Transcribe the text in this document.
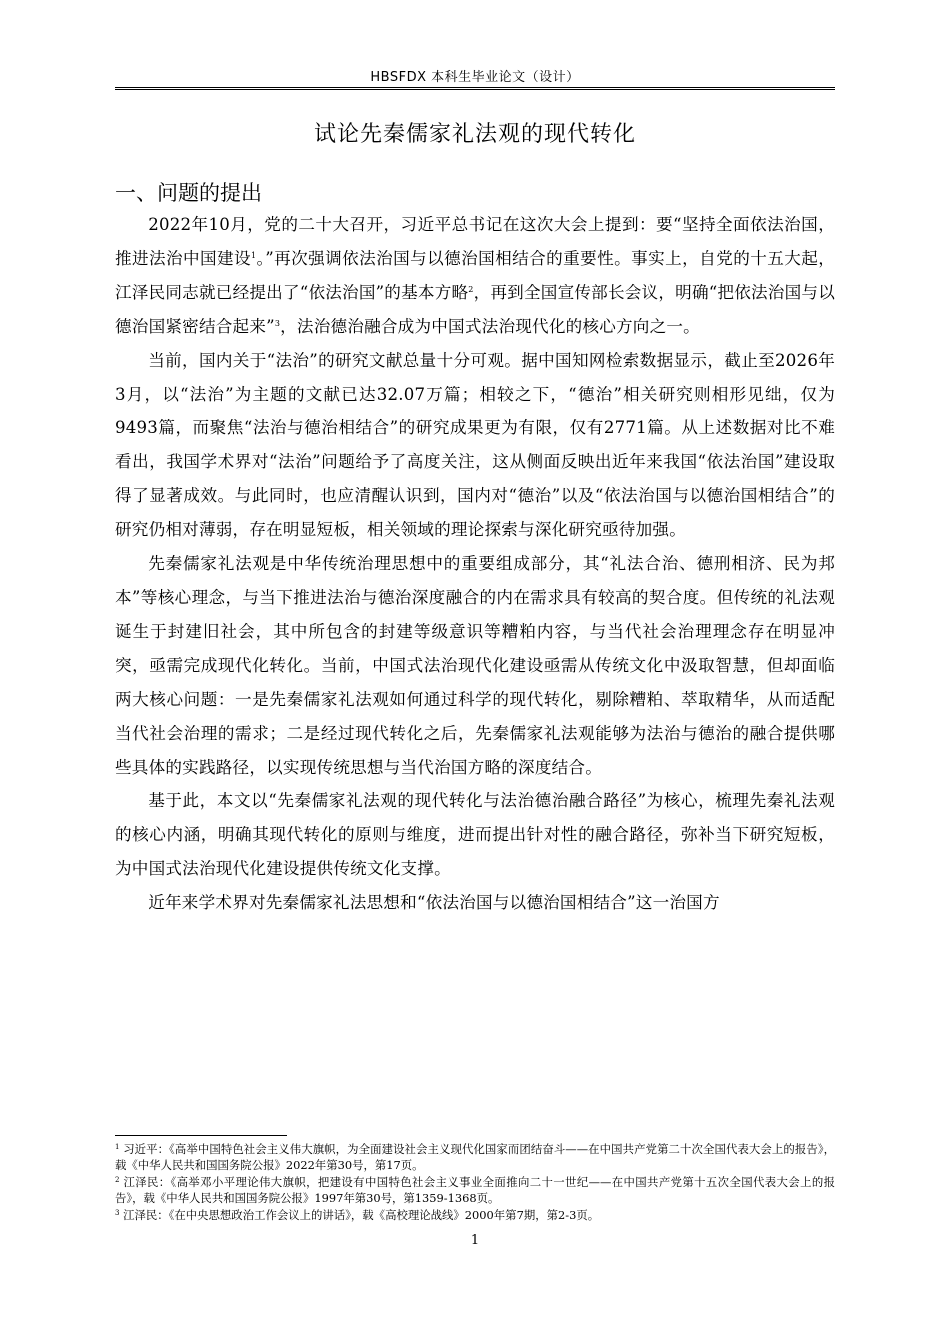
HBSFDX 本科生毕业论文（设计）
试论先秦儒家礼法观的现代转化
一、问题的提出

2022年10月，党的二十大召开，习近平总书记在这次大会上提到：要“坚持全面依法治国，推进法治中国建设$^1$。”再次强调依法治国与以德治国相结合的重要性。事实上，自党的十五大起，江泽民同志就已经提出了“依法治国”的基本方略$^2$，再到全国宣传部长会议，明确“把依法治国与以德治国紧密结合起来”$^3$，法治德治融合成为中国式法治现代化的核心方向之一。

当前，国内关于“法治”的研究文献总量十分可观。据中国知网检索数据显示，截止至2026年3月，以“法治”为主题的文献已达32.07万篇；相较之下，“德治”相关研究则相形见绌，仅为9493篇，而聚焦“法治与德治相结合”的研究成果更为有限，仅有2771篇。从上述数据对比不难看出，我国学术界对“法治”问题给予了高度关注，这从侧面反映出近年来我国“依法治国”建设取得了显著成效。与此同时，也应清醒认识到，国内对“德治”以及“依法治国与以德治国相结合”的研究仍相对薄弱，存在明显短板，相关领域的理论探索与深化研究亟待加强。

先秦儒家礼法观是中华传统治理思想中的重要组成部分，其“礼法合治、德刑相济、民为邦本”等核心理念，与当下推进法治与德治深度融合的内在需求具有较高的契合度。但传统的礼法观诞生于封建旧社会，其中所包含的封建等级意识等糟粕内容，与当代社会治理理念存在明显冲突，亟需完成现代化转化。当前，中国式法治现代化建设亟需从传统文化中汲取智慧，但却面临两大核心问题：一是先秦儒家礼法观如何通过科学的现代转化，剔除糟粕、萃取精华，从而适配当代社会治理的需求；二是经过现代转化之后，先秦儒家礼法观能够为法治与德治的融合提供哪些具体的实践路径，以实现传统思想与当代治国方略的深度结合。

基于此，本文以“先秦儒家礼法观的现代转化与法治德治融合路径”为核心，梳理先秦礼法观的核心内涵，明确其现代转化的原则与维度，进而提出针对性的融合路径，弥补当下研究短板，为中国式法治现代化建设提供传统文化支撑。

近年来学术界对先秦儒家礼法思想和“依法治国与以德治国相结合”这一治国方

$^1$ 习近平：《高举中国特色社会主义伟大旗帜，为全面建设社会主义现代化国家而团结奋斗——在中国共产党第二十次全国代表大会上的报告》，载《中华人民共和国国务院公报》2022年第30号，第17页。

$^2$ 江泽民：《高举邓小平理论伟大旗帜，把建设有中国特色社会主义事业全面推向二十一世纪——在中国共产党第十五次全国代表大会上的报告》，载《中华人民共和国国务院公报》1997年第30号，第1359-1368页。

$^3$ 江泽民：《在中央思想政治工作会议上的讲话》，载《高校理论战线》2000年第7期，第2-3页。

1
